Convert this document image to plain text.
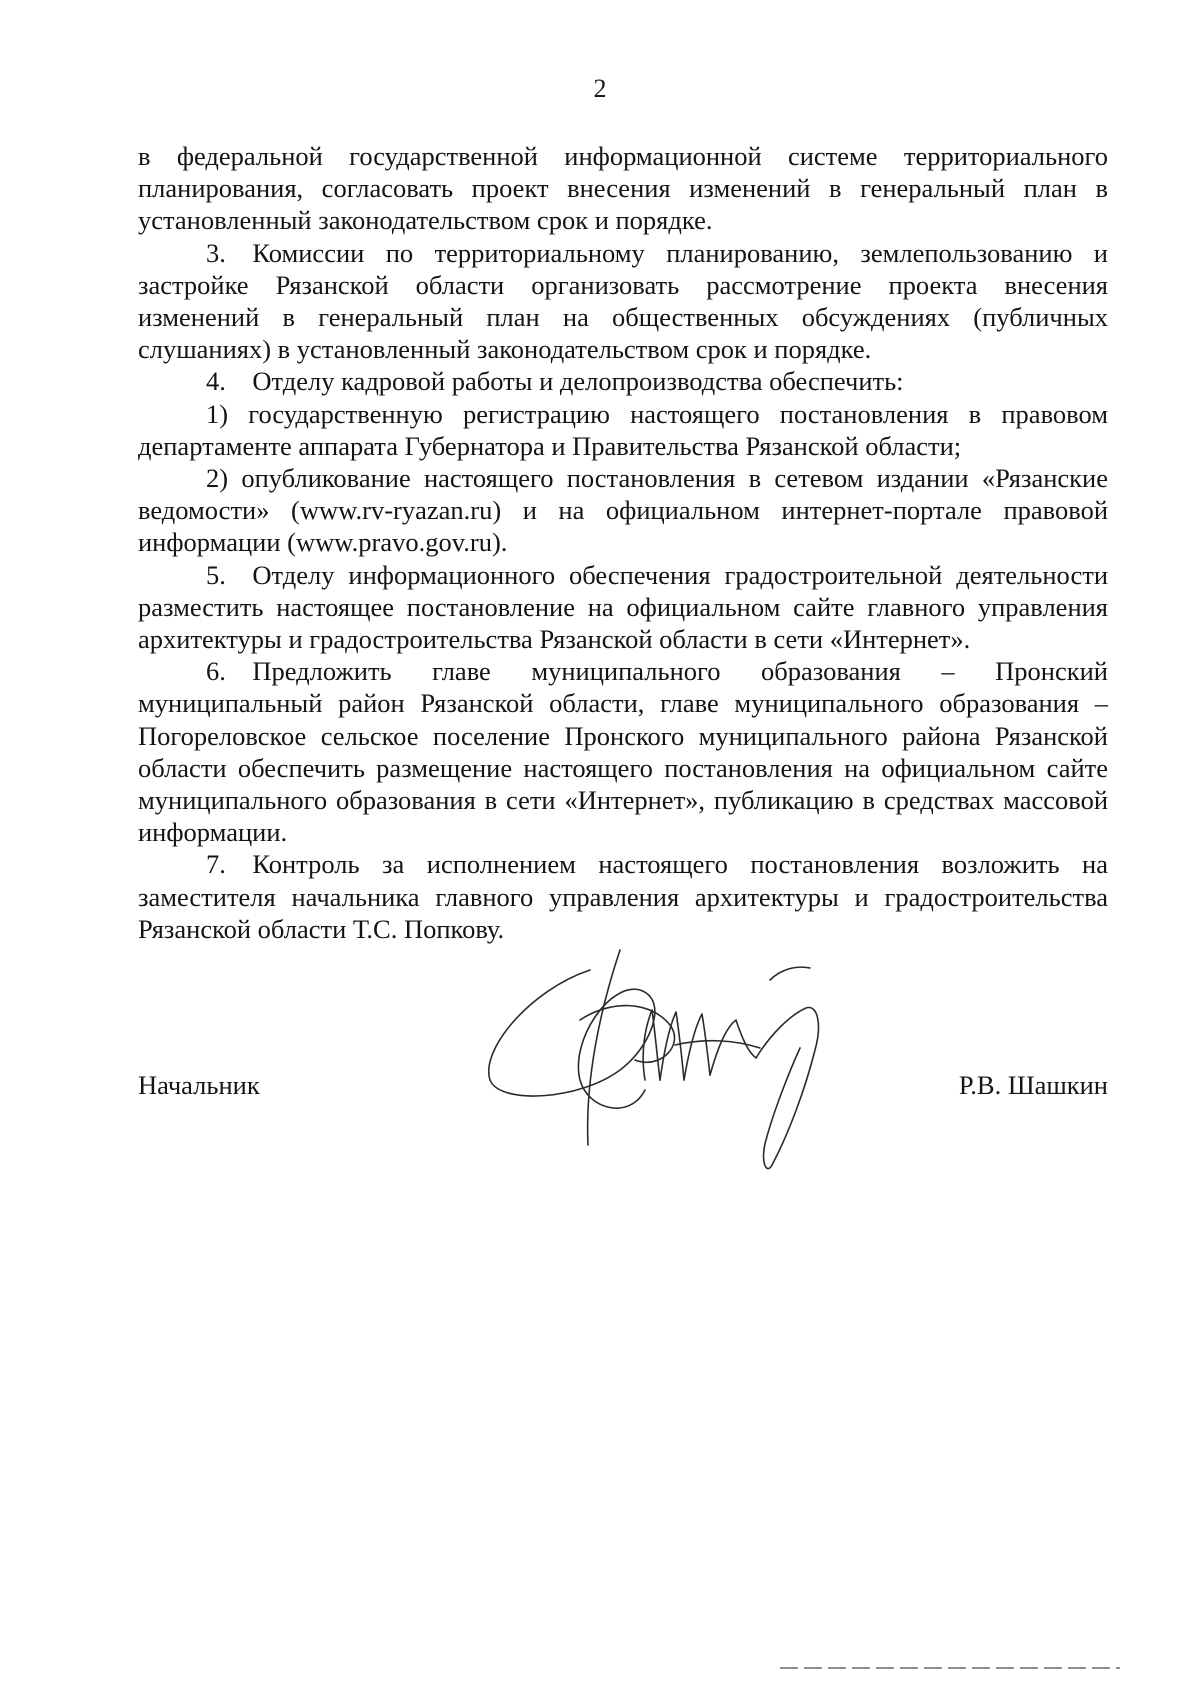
2

в федеральной государственной информационной системе территориального планирования, согласовать проект внесения изменений в генеральный план в установленный законодательством срок и порядке.

3. Комиссии по территориальному планированию, землепользованию и застройке Рязанской области организовать рассмотрение проекта внесения изменений в генеральный план на общественных обсуждениях (публичных слушаниях) в установленный законодательством срок и порядке.

4. Отделу кадровой работы и делопроизводства обеспечить:

1) государственную регистрацию настоящего постановления в правовом департаменте аппарата Губернатора и Правительства Рязанской области;

2) опубликование настоящего постановления в сетевом издании «Рязанские ведомости» (www.rv-ryazan.ru) и на официальном интернет-портале правовой информации (www.pravo.gov.ru).

5. Отделу информационного обеспечения градостроительной деятельности разместить настоящее постановление на официальном сайте главного управления архитектуры и градостроительства Рязанской области в сети «Интернет».

6. Предложить главе муниципального образования – Пронский муниципальный район Рязанской области, главе муниципального образования – Погореловское сельское поселение Пронского муниципального района Рязанской области обеспечить размещение настоящего постановления на официальном сайте муниципального образования в сети «Интернет», публикацию в средствах массовой информации.

7. Контроль за исполнением настоящего постановления возложить на заместителя начальника главного управления архитектуры и градостроительства Рязанской области Т.С. Попкову.

Начальник	Р.В. Шашкин
